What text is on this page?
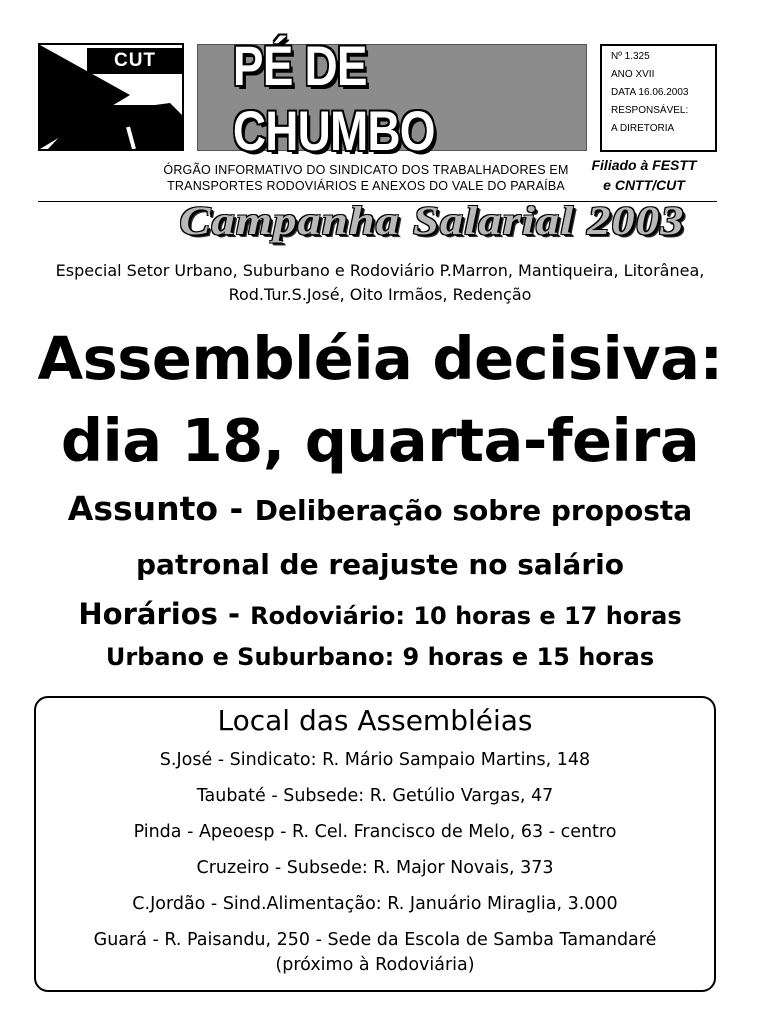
CUT	PÉ DE CHUMBO
Nº 1.325
ANO XVII
DATA 16.06.2003
RESPONSÁVEL:
A DIRETORIA
ÓRGÃO INFORMATIVO DO SINDICATO DOS TRABALHADORES EM
TRANSPORTES RODOVIÁRIOS E ANEXOS DO VALE DO PARAÍBA
Filiado à FESTT
e CNTT/CUT
Campanha Salarial 2003
Especial Setor Urbano, Suburbano e Rodoviário P.Marron, Mantiqueira, Litorânea,
Rod.Tur.S.José, Oito Irmãos, Redenção
Assembléia decisiva:
dia 18, quarta-feira
Assunto - Deliberação sobre proposta
patronal de reajuste no salário
Horários - Rodoviário: 10 horas e 17 horas
Urbano e Suburbano: 9 horas e 15 horas
Local das Assembléias
S.José - Sindicato: R. Mário Sampaio Martins, 148
Taubaté - Subsede: R. Getúlio Vargas, 47
Pinda - Apeoesp - R. Cel. Francisco de Melo, 63 - centro
Cruzeiro - Subsede: R. Major Novais, 373
C.Jordão - Sind.Alimentação: R. Januário Miraglia, 3.000
Guará - R. Paisandu, 250 - Sede da Escola de Samba Tamandaré
(próximo à Rodoviária)
